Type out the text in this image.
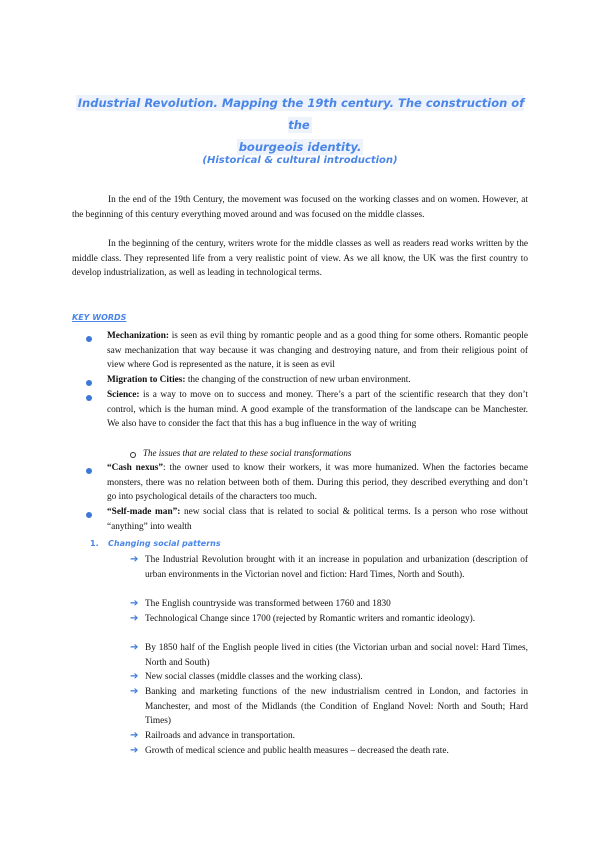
Industrial Revolution. Mapping the 19th century. The construction of the
bourgeois identity.
(Historical & cultural introduction)

In the end of the 19th Century, the movement was focused on the working classes and on women. However, at the beginning of this century everything moved around and was focused on the middle classes.

In the beginning of the century, writers wrote for the middle classes as well as readers read works written by the middle class. They represented life from a very realistic point of view. As we all know, the UK was the first country to develop industrialization, as well as leading in technological terms.

KEY WORDS
Mechanization: is seen as evil thing by romantic people and as a good thing for some others. Romantic people saw mechanization that way because it was changing and destroying nature, and from their religious point of view where God is represented as the nature, it is seen as evil
Migration to Cities: the changing of the construction of new urban environment.
Science: is a way to move on to success and money. There’s a part of the scientific research that they don’t control, which is the human mind. A good example of the transformation of the landscape can be Manchester. We also have to consider the fact that this has a bug influence in the way of writing
The issues that are related to these social transformations
“Cash nexus”: the owner used to know their workers, it was more humanized. When the factories became monsters, there was no relation between both of them. During this period, they described everything and don’t go into psychological details of the characters too much.
“Self-made man”: new social class that is related to social & political terms. Is a person who rose without “anything” into wealth
1. Changing social patterns
➔ The Industrial Revolution brought with it an increase in population and urbanization (description of urban environments in the Victorian novel and fiction: Hard Times, North and South).
➔ The English countryside was transformed between 1760 and 1830
➔ Technological Change since 1700 (rejected by Romantic writers and romantic ideology).
➔ By 1850 half of the English people lived in cities (the Victorian urban and social novel: Hard Times, North and South)
➔ New social classes (middle classes and the working class).
➔ Banking and marketing functions of the new industrialism centred in London, and factories in Manchester, and most of the Midlands (the Condition of England Novel: North and South; Hard Times)
➔ Railroads and advance in transportation.
➔ Growth of medical science and public health measures – decreased the death rate.
